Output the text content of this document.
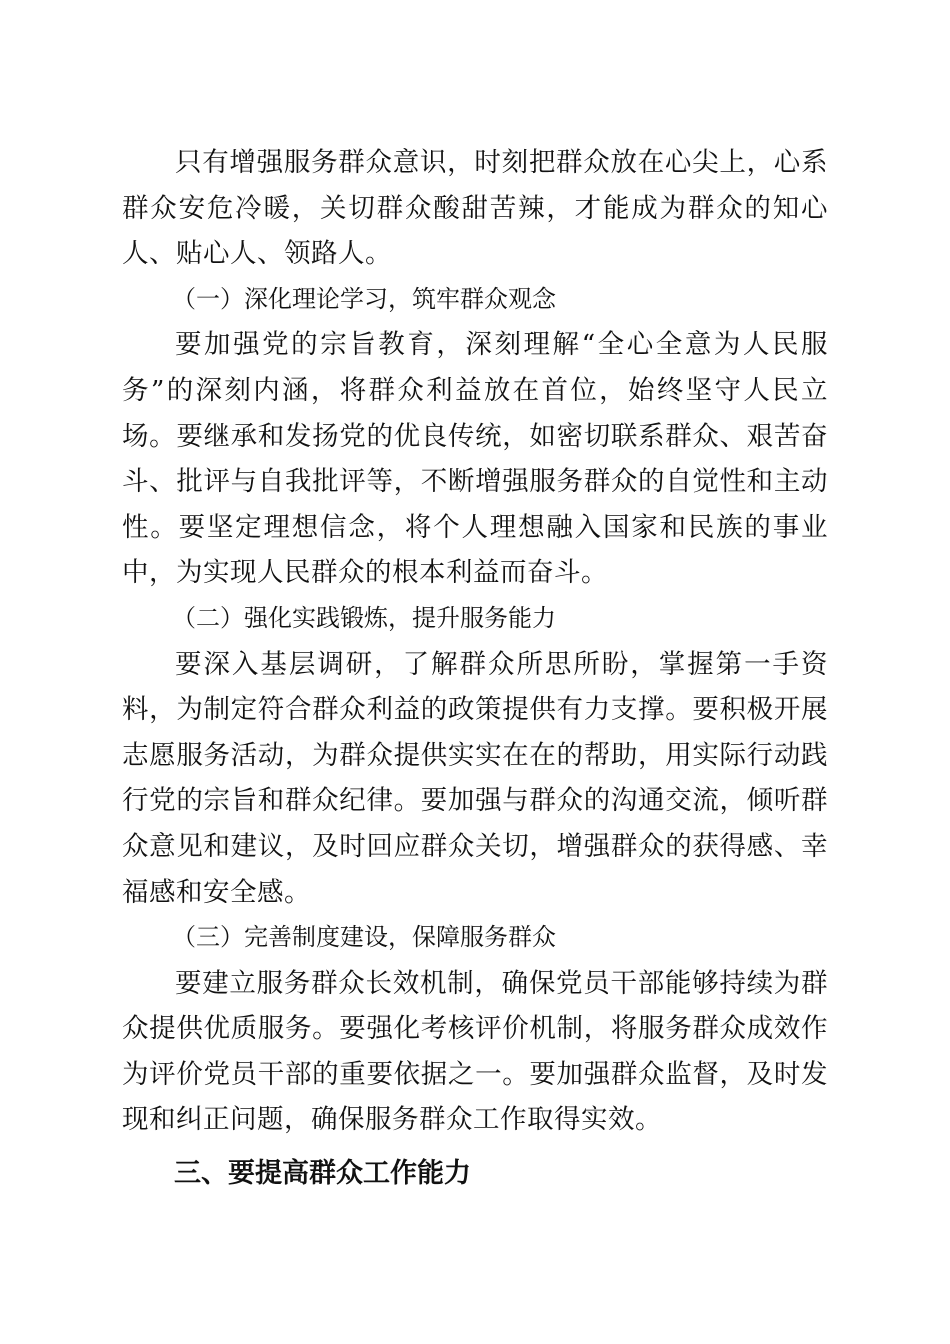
只有增强服务群众意识，时刻把群众放在心尖上，心系群众安危冷暖，关切群众酸甜苦辣，才能成为群众的知心人、贴心人、领路人。

（一）深化理论学习，筑牢群众观念

要加强党的宗旨教育，深刻理解“全心全意为人民服务”的深刻内涵，将群众利益放在首位，始终坚守人民立场。要继承和发扬党的优良传统，如密切联系群众、艰苦奋斗、批评与自我批评等，不断增强服务群众的自觉性和主动性。要坚定理想信念，将个人理想融入国家和民族的事业中，为实现人民群众的根本利益而奋斗。

（二）强化实践锻炼，提升服务能力

要深入基层调研，了解群众所思所盼，掌握第一手资料，为制定符合群众利益的政策提供有力支撑。要积极开展志愿服务活动，为群众提供实实在在的帮助，用实际行动践行党的宗旨和群众纪律。要加强与群众的沟通交流，倾听群众意见和建议，及时回应群众关切，增强群众的获得感、幸福感和安全感。

（三）完善制度建设，保障服务群众

要建立服务群众长效机制，确保党员干部能够持续为群众提供优质服务。要强化考核评价机制，将服务群众成效作为评价党员干部的重要依据之一。要加强群众监督，及时发现和纠正问题，确保服务群众工作取得实效。

三、要提高群众工作能力
